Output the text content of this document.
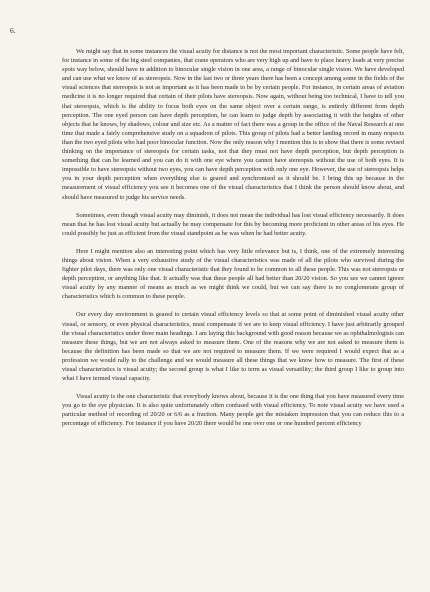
6.

We might say that in some instances the visual acuity for distance is not the most important characteristic. Some people have felt, for instance in some of the big steel companies, that crane operators who are very high up and have to place heavy loads at very precise spots way below, should have in addition to binocular single vision in one area, a range of binocular single vision. We have developed and can use what we know of as stereopsis. Now in the last two or three years there has been a concept among some in the fields of the visual sciences that stereopsis is not as important as it has been made to be by certain people. For instance, in certain areas of aviation medicine it is no longer required that certain of their pilots have stereopsis. Now again, without being too technical, I have to tell you that stereopsis, which is the ability to focus both eyes on the same object over a certain range, is entirely different from depth perception. The one eyed person can have depth perception, he can learn to judge depth by associating it with the heights of other objects that he knows, by shadows, colour and size etc. As a matter of fact there was a group in the office of the Naval Research at one time that made a fairly comprehensive study on a squadron of pilots. This group of pilots had a better landing record in many respects than the two eyed pilots who had poor binocular function. Now the only reason why I mention this is to show that there is some revised thinking on the importance of stereopsis for certain tasks, not that they must not have depth perception, but depth perception is something that can be learned and you can do it with one eye where you cannot have stereopsis without the use of both eyes. It is impossible to have stereopsis without two eyes, you can have depth perception with only one eye. However, the use of stereopsis helps you in your depth perception when everything else is geared and synchronised as it should be. I bring this up because in the measurement of visual efficiency you see it becomes one of the visual characteristics that I think the person should know about, and should have measured to judge his service needs.

Sometimes, even though visual acuity may diminish, it does not mean the individual has lost visual efficiency necessarily. It does mean that he has lost visual acuity but actually he may compensate for this by becoming more proficient in other areas of his eyes. He could possibly be just as efficient from the visual standpoint as he was when he had better acuity.

Here I might mention also an interesting point which has very little relevance but is, I think, one of the extremely interesting things about vision. When a very exhaustive study of the visual characteristics was made of all the pilots who survived during the fighter pilot days, there was only one visual characteristic that they found to be common to all these people. This was not stereopsis or depth perception, or anything like that. It actually was that these people all had better than 20/20 vision. So you see we cannot ignore visual acuity by any manner of means as much as we might think we could, but we can say there is no conglomerate group of characteristics which is common to these people.

Our every day environment is geared to certain visual efficiency levels so that at some point of diminished visual acuity other visual, or sensory, or even physical characteristics, must compensate if we are to keep visual efficiency. I have just arbitrarily grouped the visual characteristics under three main headings. I am laying this background with good reason because we as ophthalmologists can measure these things, but we are not always asked to measure them. One of the reasons why we are not asked to measure them is because the definition has been made so that we are not required to measure them. If we were required I would expect that as a profession we would rally to the challenge and we would measure all these things that we know how to measure. The first of these visual characteristics is visual acuity; the second group is what I like to term as visual versatility; the third group I like to group into what I have termed visual capacity.

Visual acuity is the one characteristic that everybody knows about, because it is the one thing that you have measured every time you go to the eye physician. It is also quite unfortunately often confused with visual efficiency. To note visual acuity we have used a particular method of recording of 20/20 or 6/6 as a fraction. Many people get the mistaken impression that you can reduce this to a percentage of efficiency. For instance if you have 20/20 there would be one over one or one hundred percent efficiency
